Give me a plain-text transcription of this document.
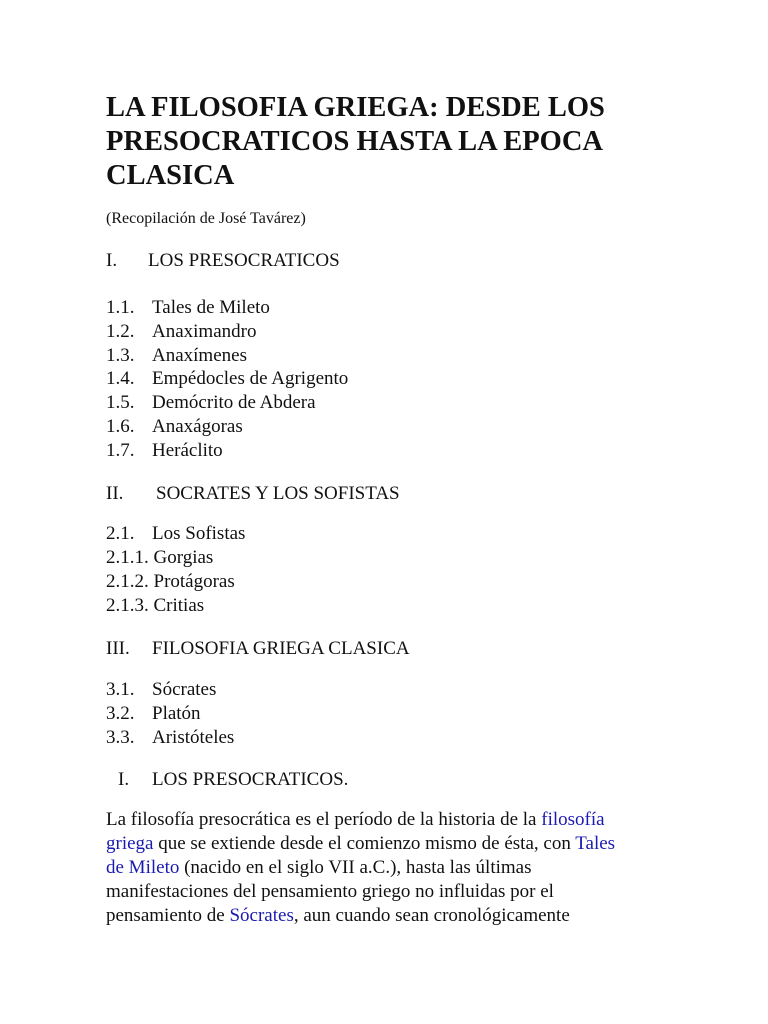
LA FILOSOFIA GRIEGA: DESDE LOS
PRESOCRATICOS HASTA LA EPOCA
CLASICA
(Recopilación de José Tavárez)
I. LOS PRESOCRATICOS
1.1. Tales de Mileto
1.2. Anaximandro
1.3. Anaxímenes
1.4. Empédocles de Agrigento
1.5. Demócrito de Abdera
1.6. Anaxágoras
1.7. Heráclito
II. SOCRATES Y LOS SOFISTAS
2.1. Los Sofistas
2.1.1. Gorgias
2.1.2. Protágoras
2.1.3. Critias
III. FILOSOFIA GRIEGA CLASICA
3.1. Sócrates
3.2. Platón
3.3. Aristóteles
I. LOS PRESOCRATICOS.
La filosofía presocrática es el período de la historia de la filosofía
griega que se extiende desde el comienzo mismo de ésta, con Tales
de Mileto (nacido en el siglo VII a.C.), hasta las últimas
manifestaciones del pensamiento griego no influidas por el
pensamiento de Sócrates, aun cuando sean cronológicamente
